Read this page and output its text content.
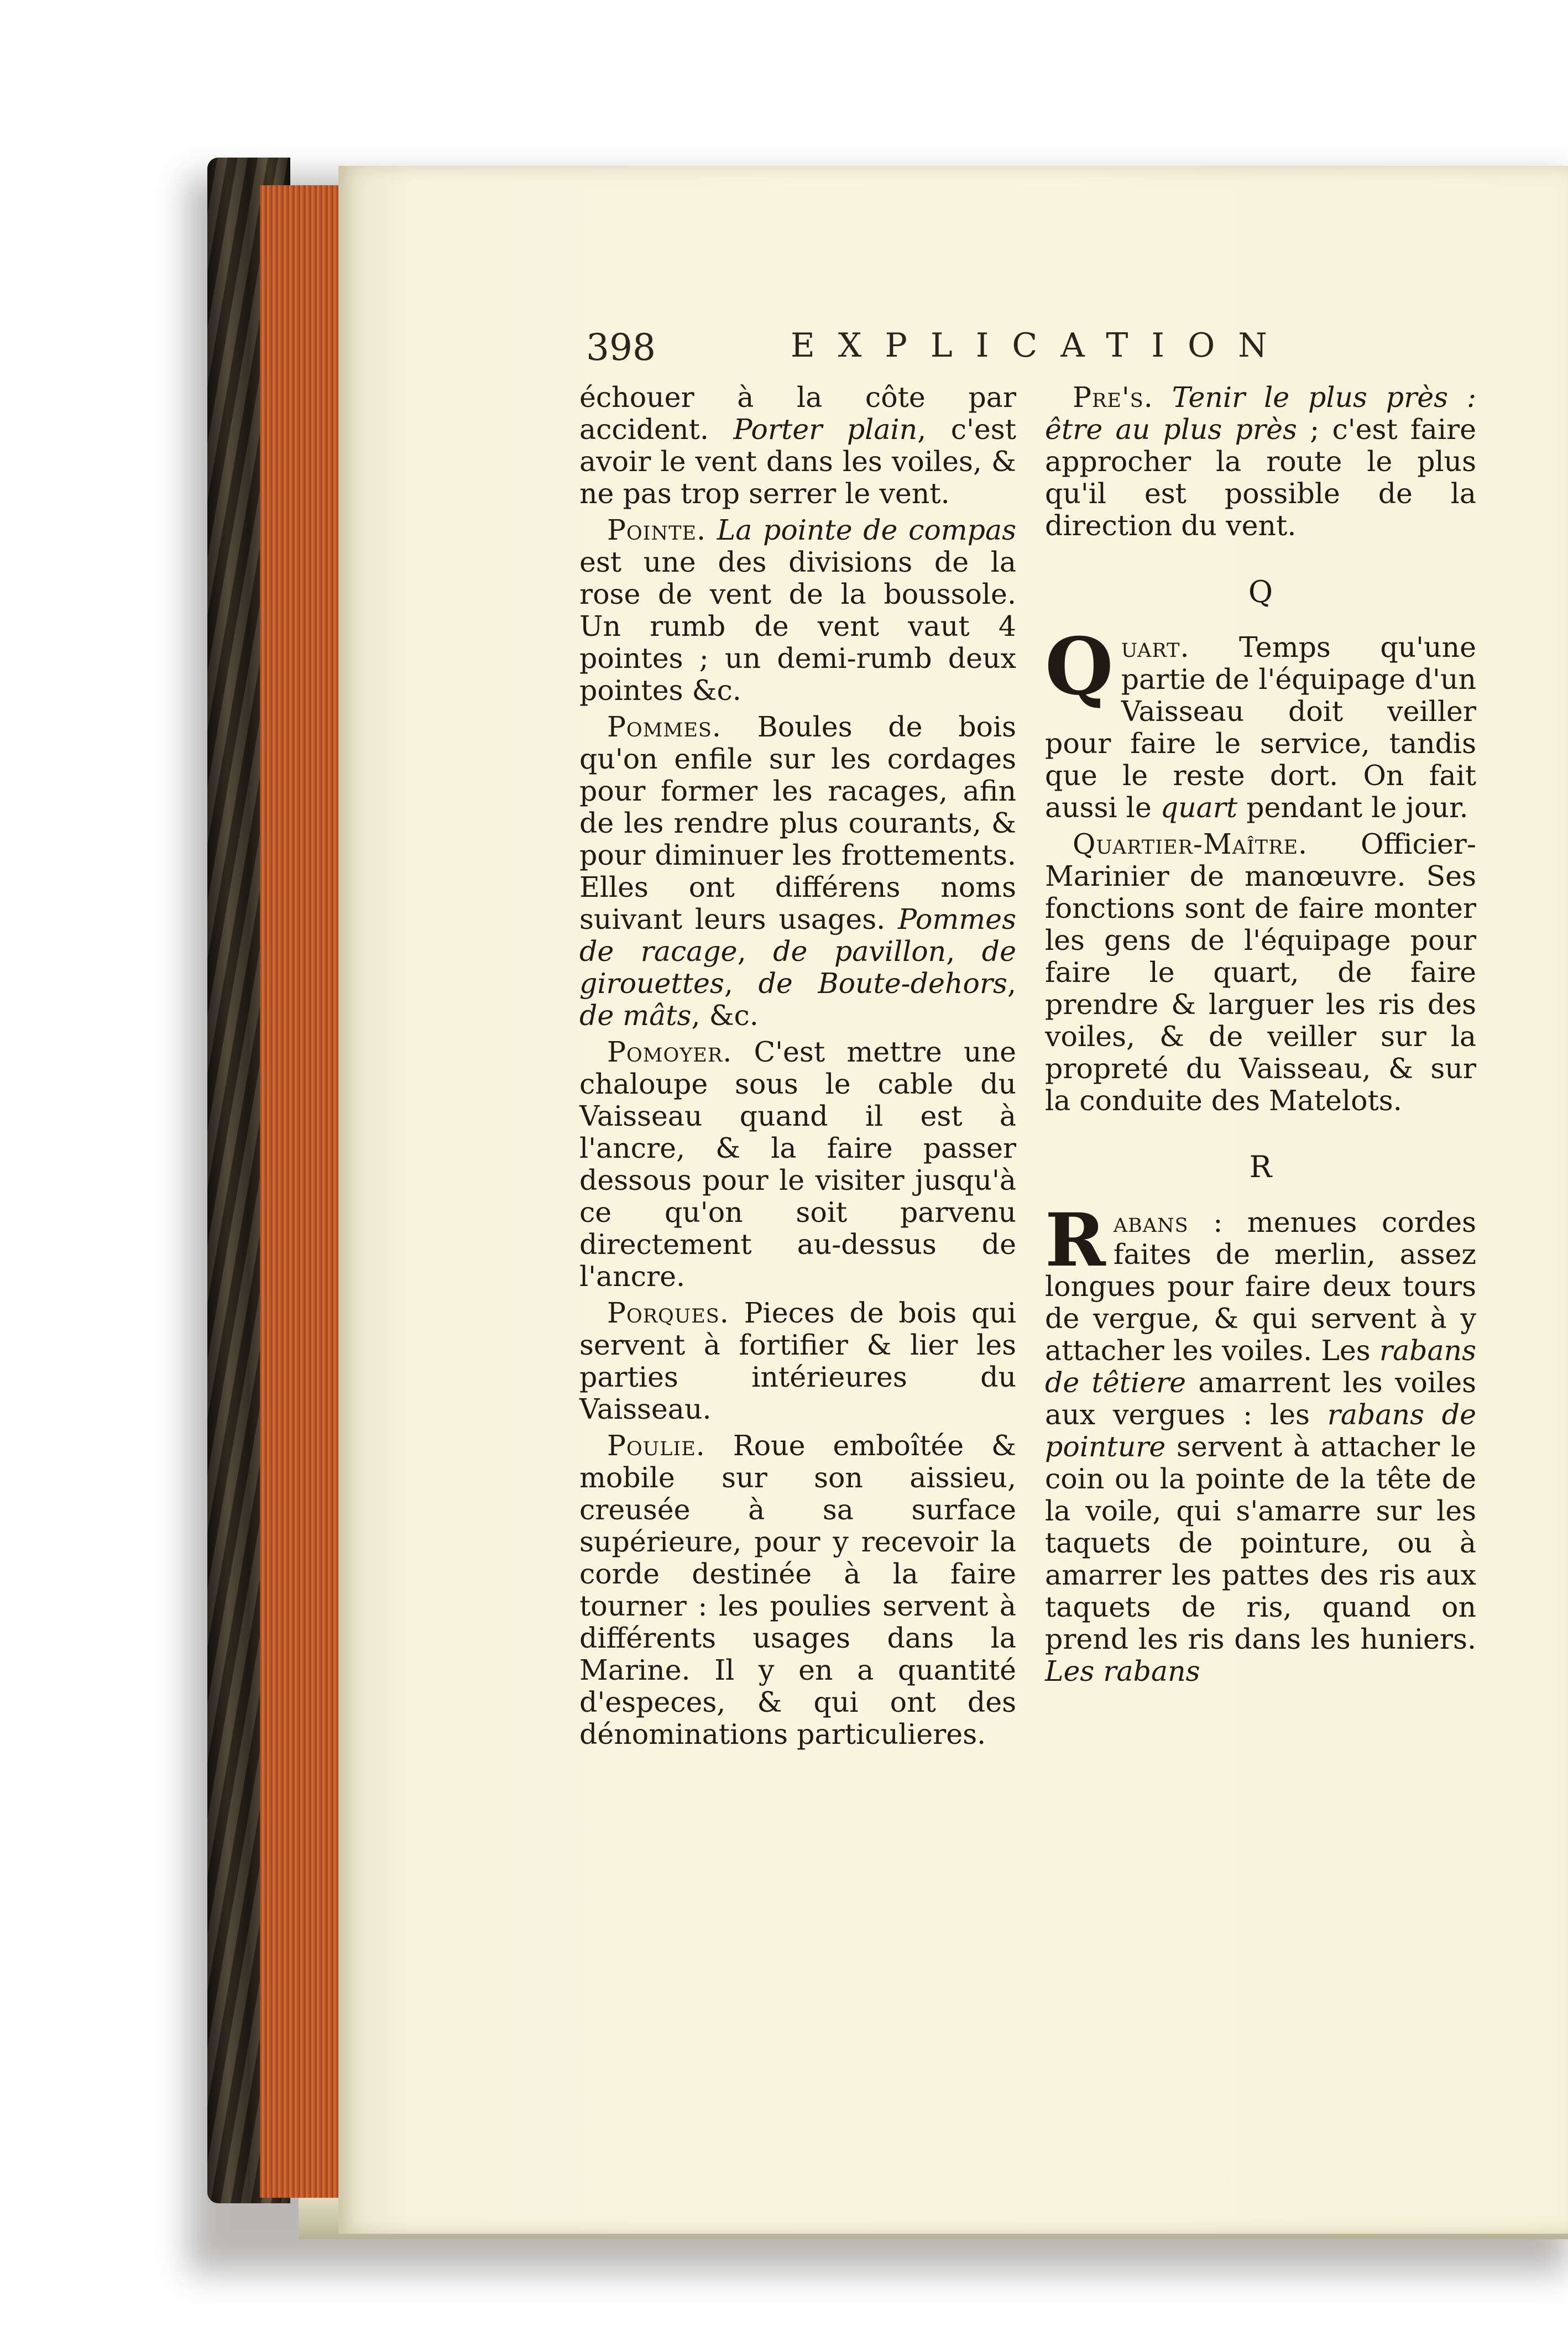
398	EXPLICATION

échouer à la côte par accident. Porter plain, c'est avoir le vent dans les voiles, & ne pas trop serrer le vent.

Pointe. La pointe de compas est une des divisions de la rose de vent de la boussole. Un rumb de vent vaut 4 pointes ; un demi-rumb deux pointes &c.

Pommes. Boules de bois qu'on enfile sur les cordages pour former les racages, afin de les rendre plus courants, & pour diminuer les frottements. Elles ont différens noms suivant leurs usages. Pommes de racage, de pavillon, de girouettes, de Boute-dehors, de mâts, &c.

Pomoyer. C'est mettre une chaloupe sous le cable du Vaisseau quand il est à l'ancre, & la faire passer dessous pour le visiter jusqu'à ce qu'on soit parvenu directement au-dessus de l'ancre.

Porques. Pieces de bois qui servent à fortifier & lier les parties intérieures du Vaisseau.

Poulie. Roue emboîtée & mobile sur son aissieu, creusée à sa surface supérieure, pour y recevoir la corde destinée à la faire tourner : les poulies servent à différents usages dans la Marine. Il y en a quantité d'especes, & qui ont des dénominations particulieres.

Pre's. Tenir le plus près : être au plus près ; c'est faire approcher la route le plus qu'il est possible de la direction du vent.

Q

Quart. Temps qu'une partie de l'équipage d'un Vaisseau doit veiller pour faire le service, tandis que le reste dort. On fait aussi le quart pendant le jour.

Quartier-Maître. Officier-Marinier de manœuvre. Ses fonctions sont de faire monter les gens de l'équipage pour faire le quart, de faire prendre & larguer les ris des voiles, & de veiller sur la propreté du Vaisseau, & sur la conduite des Matelots.

R

Rabans : menues cordes faites de merlin, assez longues pour faire deux tours de vergue, & qui servent à y attacher les voiles. Les rabans de têtiere amarrent les voiles aux vergues : les rabans de pointure servent à attacher le coin ou la pointe de la tête de la voile, qui s'amarre sur les taquets de pointure, ou à amarrer les pattes des ris aux taquets de ris, quand on prend les ris dans les huniers. Les rabans
